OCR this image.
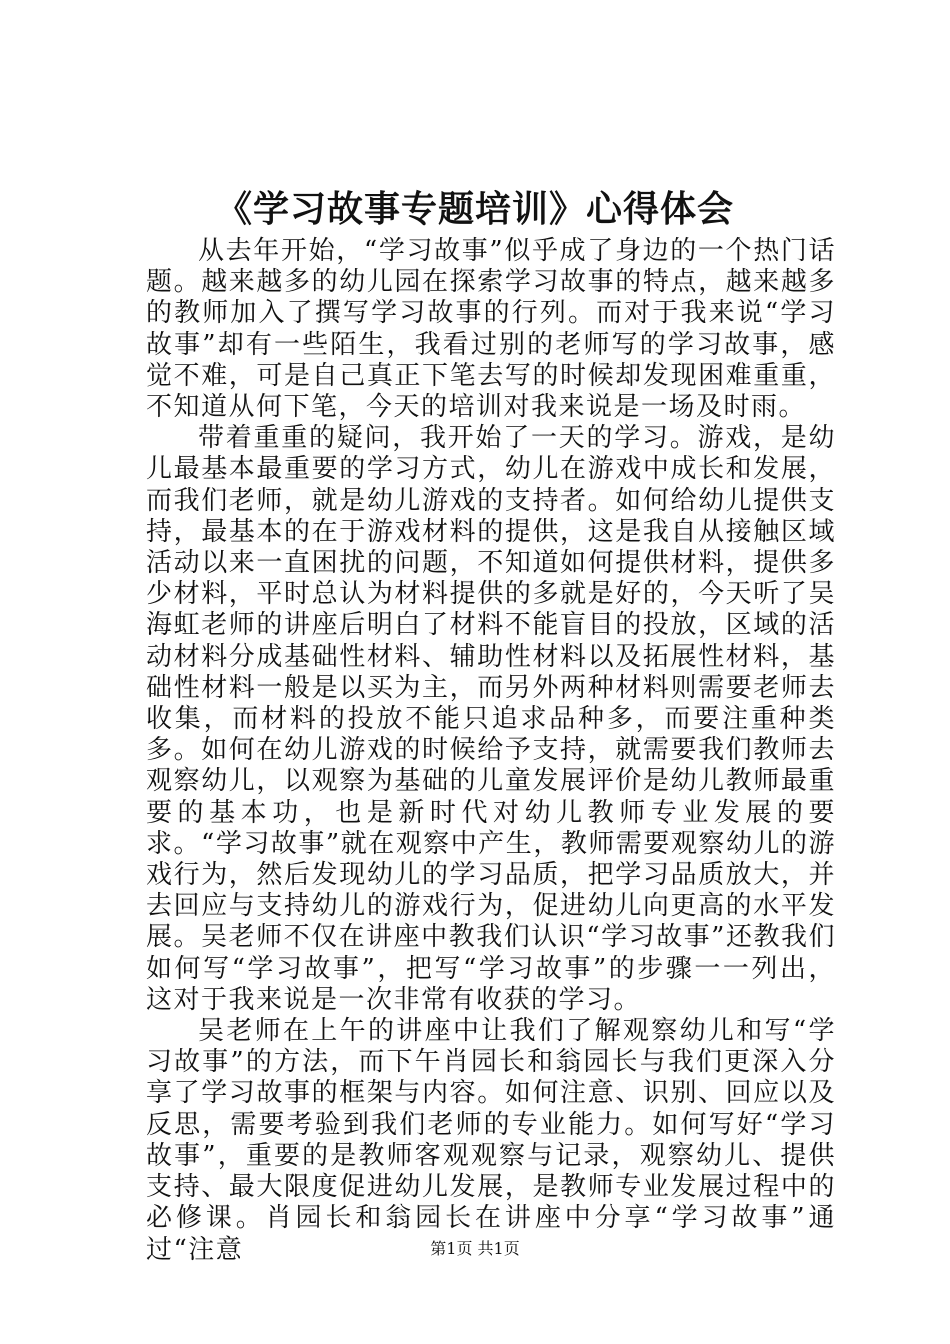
《学习故事专题培训》心得体会

从去年开始，“学习故事”似乎成了身边的一个热门话题。越来越多的幼儿园在探索学习故事的特点，越来越多的教师加入了撰写学习故事的行列。而对于我来说“学习故事”却有一些陌生，我看过别的老师写的学习故事，感觉不难，可是自己真正下笔去写的时候却发现困难重重，不知道从何下笔，今天的培训对我来说是一场及时雨。

带着重重的疑问，我开始了一天的学习。游戏，是幼儿最基本最重要的学习方式，幼儿在游戏中成长和发展，而我们老师，就是幼儿游戏的支持者。如何给幼儿提供支持，最基本的在于游戏材料的提供，这是我自从接触区域活动以来一直困扰的问题，不知道如何提供材料，提供多少材料，平时总认为材料提供的多就是好的，今天听了吴海虹老师的讲座后明白了材料不能盲目的投放，区域的活动材料分成基础性材料、辅助性材料以及拓展性材料，基础性材料一般是以买为主，而另外两种材料则需要老师去收集，而材料的投放不能只追求品种多，而要注重种类多。如何在幼儿游戏的时候给予支持，就需要我们教师去观察幼儿，以观察为基础的儿童发展评价是幼儿教师最重要的基本功，也是新时代对幼儿教师专业发展的要求。“学习故事”就在观察中产生，教师需要观察幼儿的游戏行为，然后发现幼儿的学习品质，把学习品质放大，并去回应与支持幼儿的游戏行为，促进幼儿向更高的水平发展。吴老师不仅在讲座中教我们认识“学习故事”还教我们如何写“学习故事”，把写“学习故事”的步骤一一列出，这对于我来说是一次非常有收获的学习。

吴老师在上午的讲座中让我们了解观察幼儿和写“学习故事”的方法，而下午肖园长和翁园长与我们更深入分享了学习故事的框架与内容。如何注意、识别、回应以及反思，需要考验到我们老师的专业能力。如何写好“学习故事”，重要的是教师客观观察与记录，观察幼儿、提供支持、最大限度促进幼儿发展，是教师专业发展过程中的必修课。肖园长和翁园长在讲座中分享“学习故事”通过“注意	第1页 共1页
